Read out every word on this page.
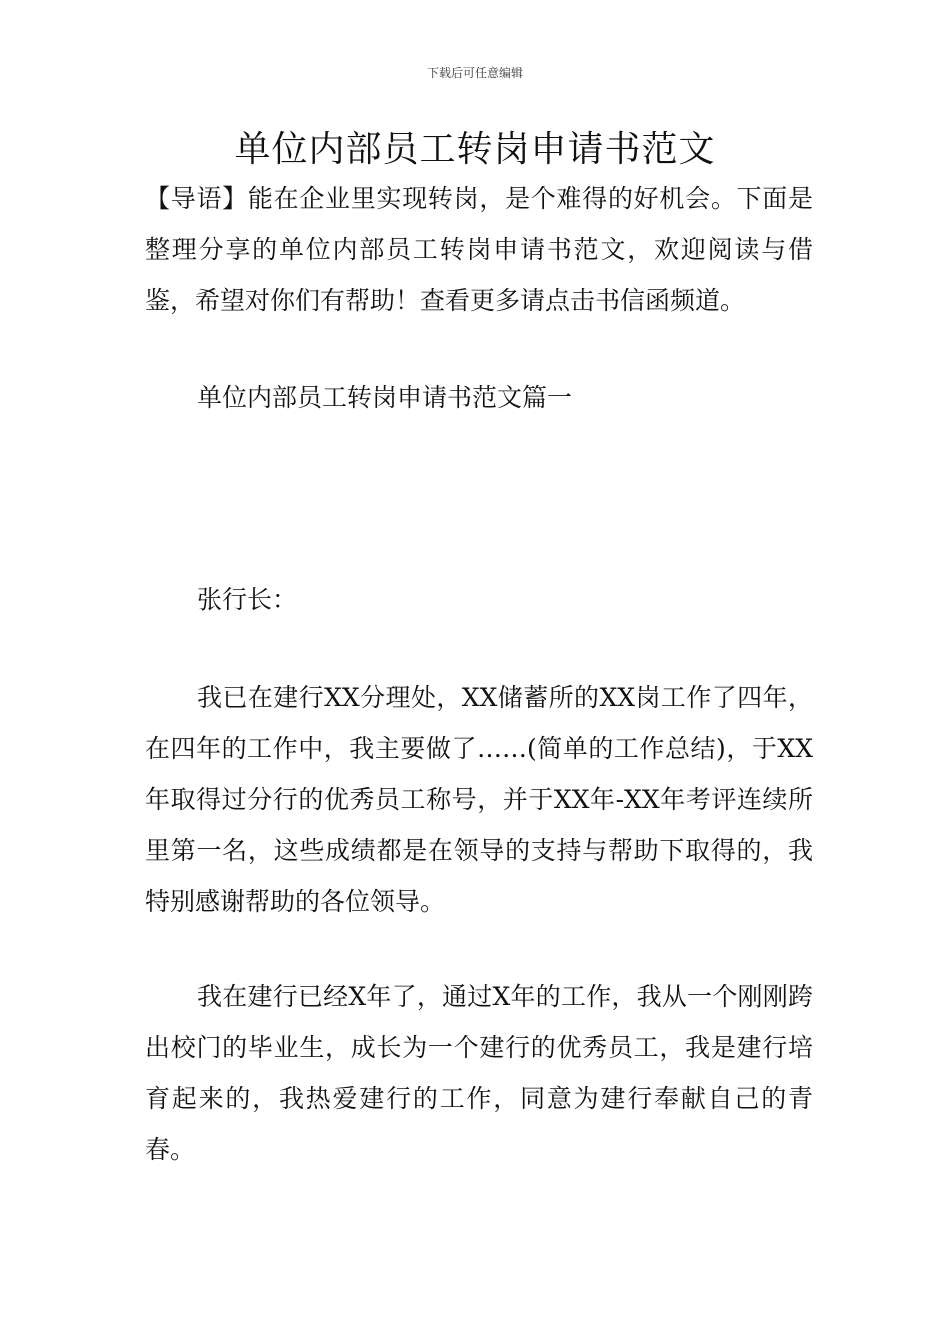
下载后可任意编辑
单位内部员工转岗申请书范文

【导语】能在企业里实现转岗，是个难得的好机会。下面是整理分享的单位内部员工转岗申请书范文，欢迎阅读与借鉴，希望对你们有帮助！查看更多请点击书信函频道。

单位内部员工转岗申请书范文篇一

张行长：

我已在建行XX分理处，XX储蓄所的XX岗工作了四年，在四年的工作中，我主要做了……(简单的工作总结)，于XX年取得过分行的优秀员工称号，并于XX年-XX年考评连续所里第一名，这些成绩都是在领导的支持与帮助下取得的，我特别感谢帮助的各位领导。

我在建行已经X年了，通过X年的工作，我从一个刚刚跨出校门的毕业生，成长为一个建行的优秀员工，我是建行培育起来的，我热爱建行的工作，同意为建行奉献自己的青春。
